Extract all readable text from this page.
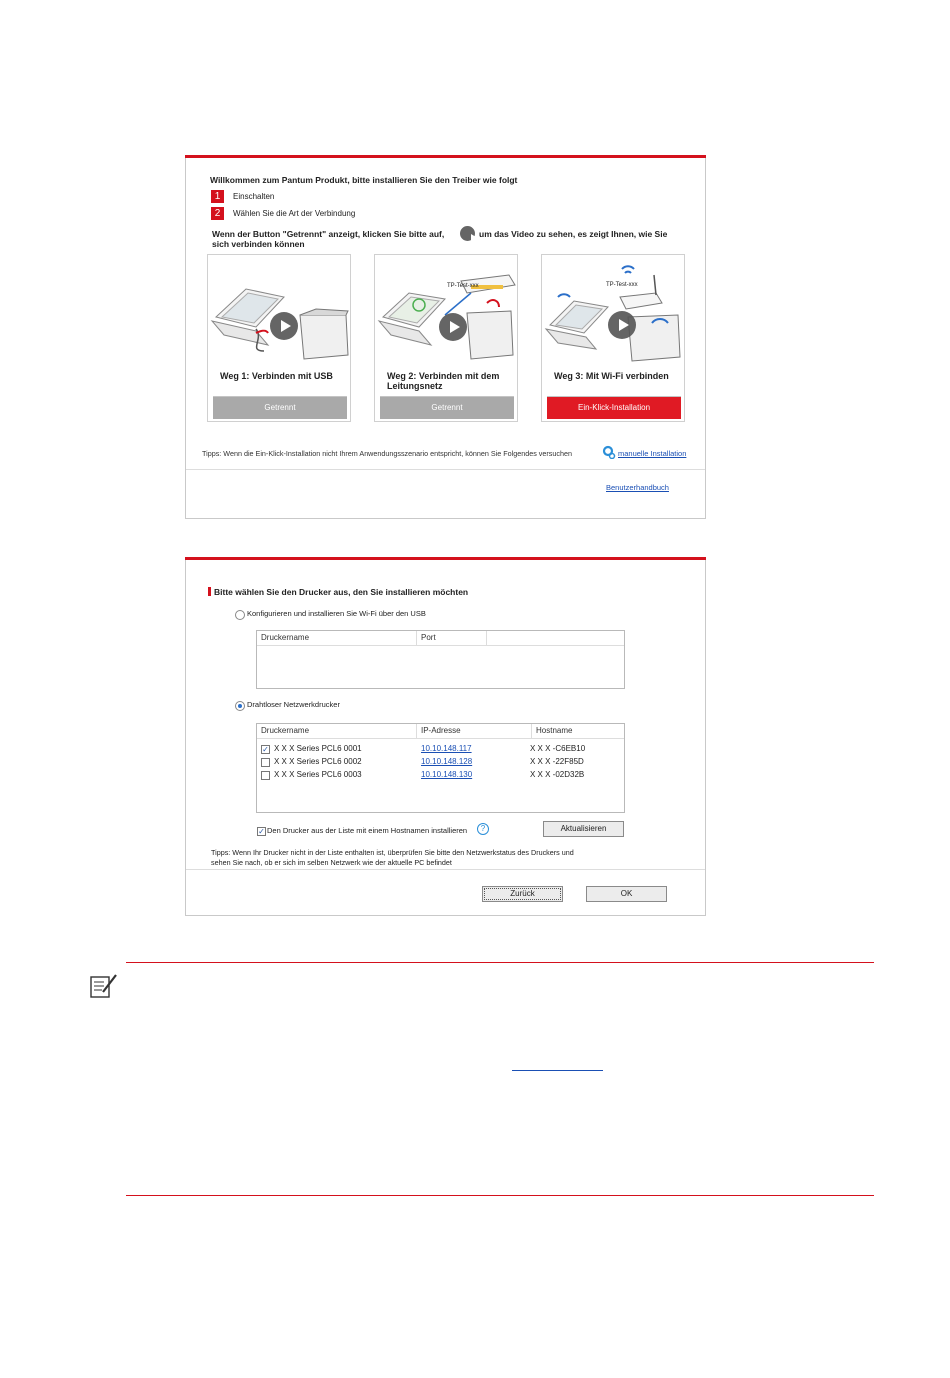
Willkommen zum Pantum Produkt, bitte installieren Sie den Treiber wie folgt
1	Einschalten
2	Wählen Sie die Art der Verbindung
Wenn der Button "Getrennt" anzeigt, klicken Sie bitte auf,	um das Video zu sehen, es zeigt Ihnen, wie Sie
sich verbinden können
Weg 1: Verbinden mit USB
Getrennt
TP-Test-xxx
Weg 2: Verbinden mit dem Leitungsnetz
Getrennt
TP-Test-xxx
Weg 3: Mit Wi-Fi verbinden
Ein-Klick-Installation
Tipps: Wenn die Ein-Klick-Installation nicht Ihrem Anwendungsszenario entspricht, können Sie Folgendes versuchen	manuelle Installation
Benutzerhandbuch
Bitte wählen Sie den Drucker aus, den Sie installieren möchten
Konfigurieren und installieren Sie Wi-Fi über den USB
Druckername	Port
Drahtloser Netzwerkdrucker
Druckername	IP-Adresse	Hostname
✓ X X X Series PCL6 0001	10.10.148.117	X X X -C6EB10
X X X Series PCL6 0002	10.10.148.128	X X X -22F85D
X X X Series PCL6 0003	10.10.148.130	X X X -02D32B
✓ Den Drucker aus der Liste mit einem Hostnamen installieren	?	Aktualisieren
Tipps: Wenn Ihr Drucker nicht in der Liste enthalten ist, überprüfen Sie bitte den Netzwerkstatus des Druckers und
sehen Sie nach, ob er sich im selben Netzwerk wie der aktuelle PC befindet
Zurück	OK
